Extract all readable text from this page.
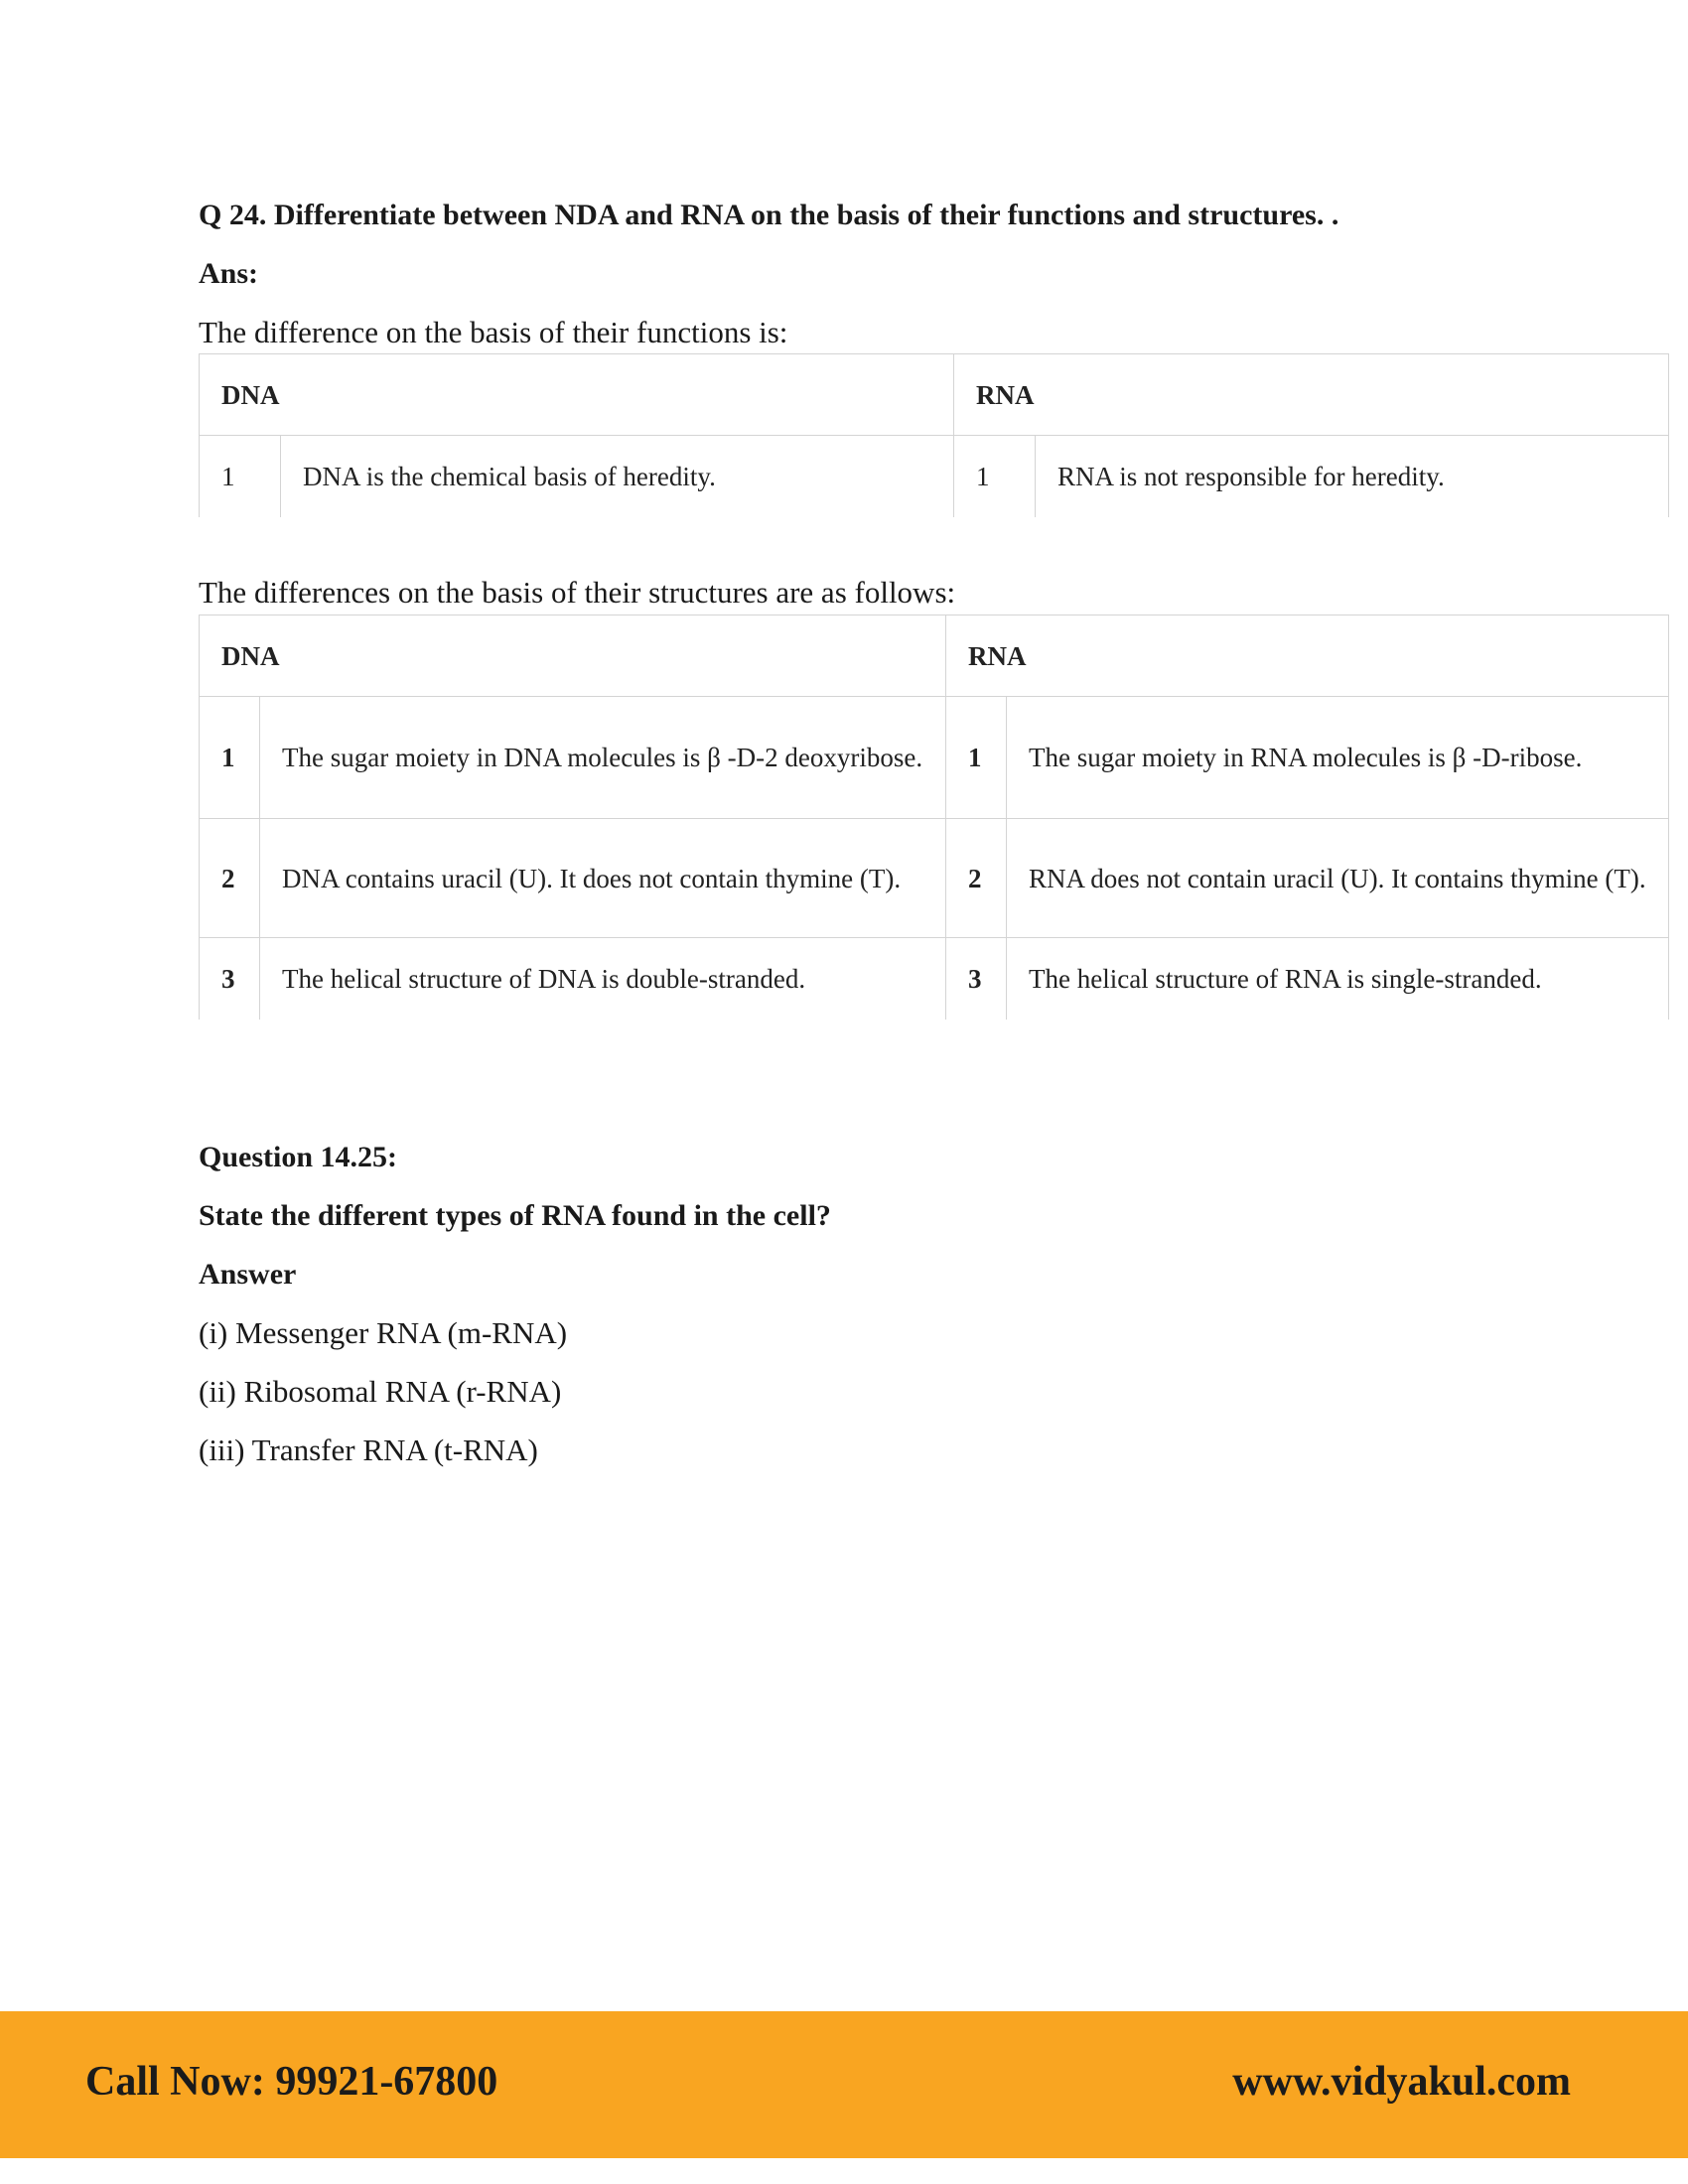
Q 24. Differentiate between NDA and RNA on the basis of their functions and structures. .
Ans:
The difference on the basis of their functions is:
DNA		RNA	
1	DNA is the chemical basis of heredity.	1	RNA is not responsible for heredity.
The differences on the basis of their structures are as follows:
DNA		RNA	
1	The sugar moiety in DNA molecules is β -D-2 deoxyribose.	1	The sugar moiety in RNA molecules is β -D-ribose.
2	DNA contains uracil (U). It does not contain thymine (T).	2	RNA does not contain uracil (U). It contains thymine (T).
3	The helical structure of DNA is double-stranded.	3	The helical structure of RNA is single-stranded.
Question 14.25:
State the different types of RNA found in the cell?
Answer
(i) Messenger RNA (m-RNA)
(ii) Ribosomal RNA (r-RNA)
(iii) Transfer RNA (t-RNA)
Call Now: 99921-67800	www.vidyakul.com
